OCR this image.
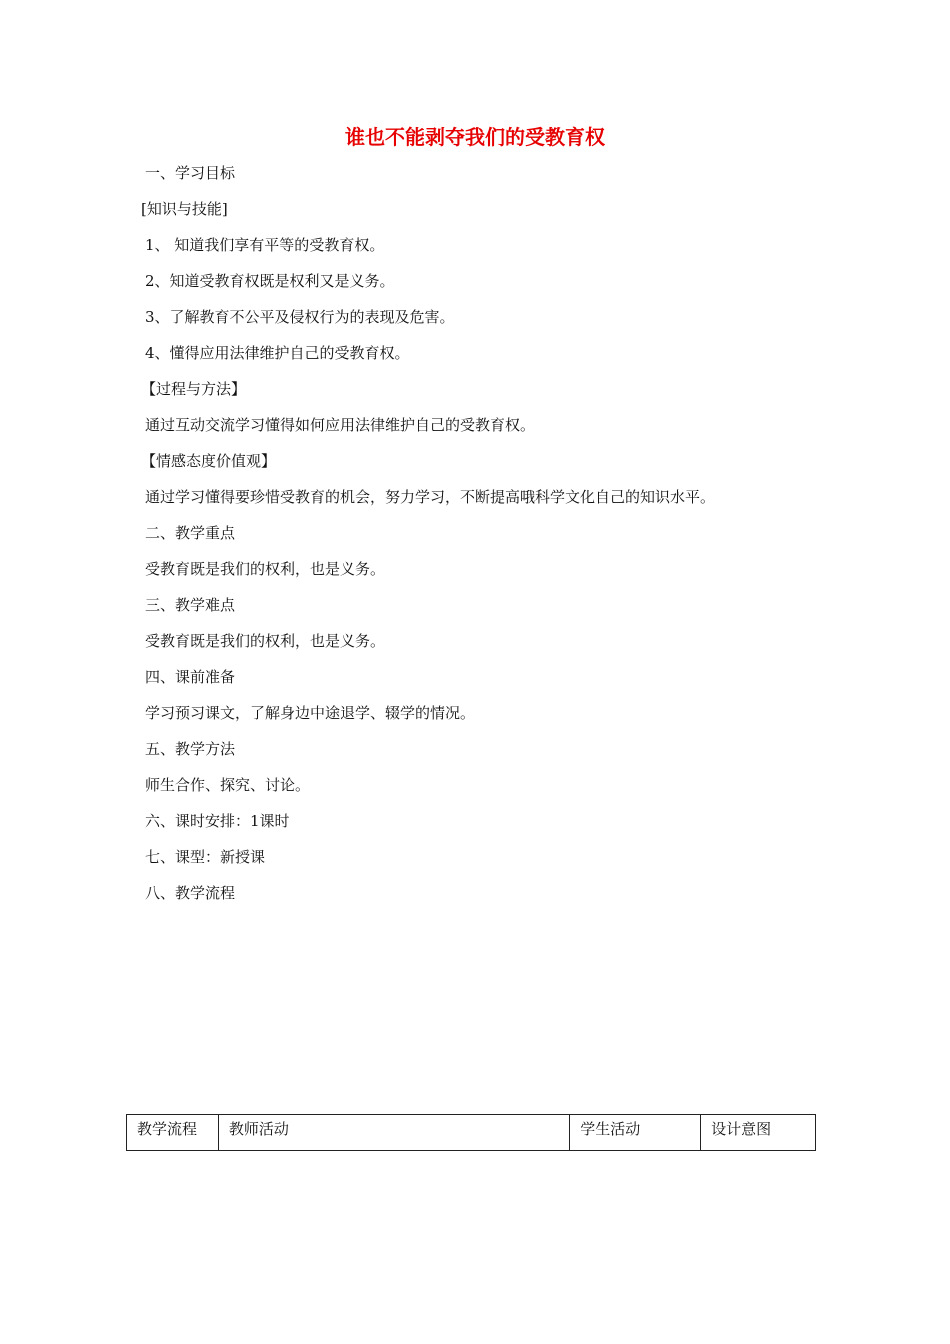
谁也不能剥夺我们的受教育权
一、学习目标
[知识与技能]
1、 知道我们享有平等的受教育权。
2、知道受教育权既是权利又是义务。
3、了解教育不公平及侵权行为的表现及危害。
4、懂得应用法律维护自己的受教育权。
【过程与方法】
通过互动交流学习懂得如何应用法律维护自己的受教育权。
【情感态度价值观】
通过学习懂得要珍惜受教育的机会，努力学习，不断提高哦科学文化自己的知识水平。
二、教学重点
受教育既是我们的权利，也是义务。
三、教学难点
受教育既是我们的权利，也是义务。
四、课前准备
学习预习课文，了解身边中途退学、辍学的情况。
五、教学方法
师生合作、探究、讨论。
六、课时安排：1课时
七、课型：新授课
八、教学流程
教学流程	教师活动	学生活动	设计意图
